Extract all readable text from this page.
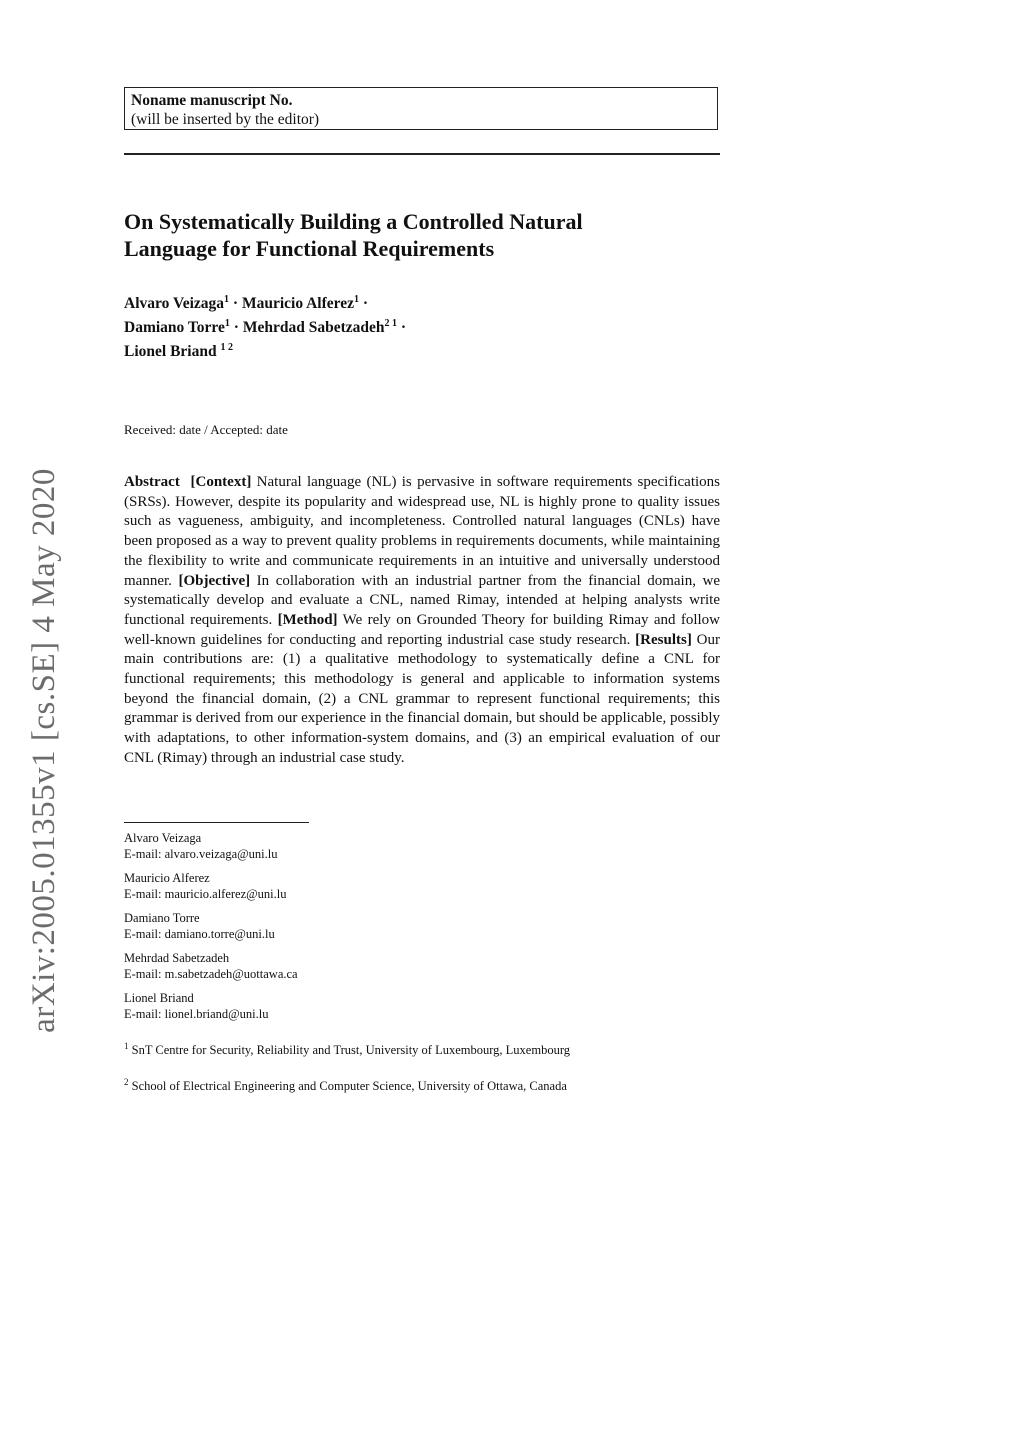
arXiv:2005.01355v1 [cs.SE] 4 May 2020
Noname manuscript No.
(will be inserted by the editor)
On Systematically Building a Controlled Natural
Language for Functional Requirements
Alvaro Veizaga$^1$ · Mauricio Alferez$^1$ ·
Damiano Torre$^1$ · Mehrdad Sabetzadeh$^{2 1}$ ·
Lionel Briand $^{1 2}$
Received: date / Accepted: date

Abstract [Context] Natural language (NL) is pervasive in software requirements specifications (SRSs). However, despite its popularity and widespread use, NL is highly prone to quality issues such as vagueness, ambiguity, and incompleteness. Controlled natural languages (CNLs) have been proposed as a way to prevent quality problems in requirements documents, while maintaining the flexibility to write and communicate requirements in an intuitive and universally understood manner. [Objective] In collaboration with an industrial partner from the financial domain, we systematically develop and evaluate a CNL, named Rimay, intended at helping analysts write functional requirements. [Method] We rely on Grounded Theory for building Rimay and follow well-known guidelines for conducting and reporting industrial case study research. [Results] Our main contributions are: (1) a qualitative methodology to systematically define a CNL for functional requirements; this methodology is general and applicable to information systems beyond the financial domain, (2) a CNL grammar to represent functional requirements; this grammar is derived from our experience in the financial domain, but should be applicable, possibly with adaptations, to other information-system domains, and (3) an empirical evaluation of our CNL (Rimay) through an industrial case study.

Alvaro Veizaga
E-mail: alvaro.veizaga@uni.lu
Mauricio Alferez
E-mail: mauricio.alferez@uni.lu
Damiano Torre
E-mail: damiano.torre@uni.lu
Mehrdad Sabetzadeh
E-mail: m.sabetzadeh@uottawa.ca
Lionel Briand
E-mail: lionel.briand@uni.lu
$^1$ SnT Centre for Security, Reliability and Trust, University of Luxembourg, Luxembourg
$^2$ School of Electrical Engineering and Computer Science, University of Ottawa, Canada
